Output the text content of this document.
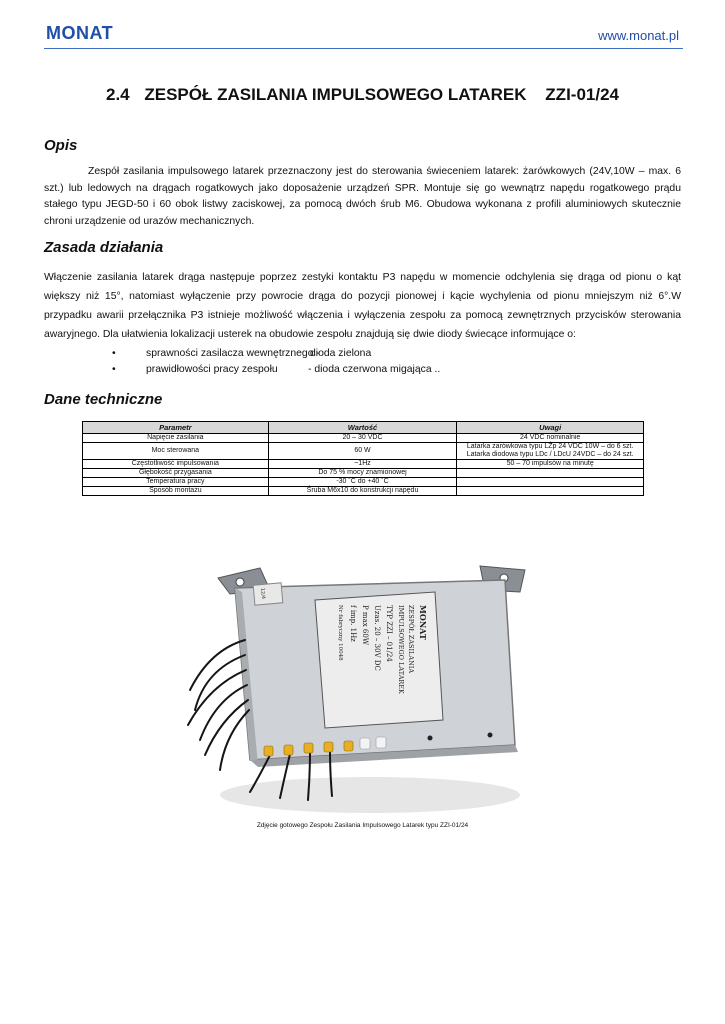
MONAT	www.monat.pl
2.4 ZESPÓŁ ZASILANIA IMPULSOWEGO LATAREK ZZI-01/24
Opis
Zespół zasilania impulsowego latarek przeznaczony jest do sterowania świeceniem latarek: żarówkowych (24V,10W – max. 6 szt.) lub ledowych na drągach rogatkowych jako doposażenie urządzeń SPR. Montuje się go wewnątrz napędu rogatkowego prądu stałego typu JEGD-50 i 60 obok listwy zaciskowej, za pomocą dwóch śrub M6. Obudowa wykonana z profili aluminiowych skutecznie chroni urządzenie od urazów mechanicznych.
Zasada działania
Włączenie zasilania latarek drąga następuje poprzez zestyki kontaktu P3 napędu w momencie odchylenia się drąga od pionu o kąt większy niż 15°, natomiast wyłączenie przy powrocie drąga do pozycji pionowej i kącie wychylenia od pionu mniejszym niż 6°.W przypadku awarii przełącznika P3 istnieje możliwość włączenia i wyłączenia zespołu za pomocą zewnętrznych przycisków sterowania awaryjnego. Dla ułatwienia lokalizacji usterek na obudowie zespołu znajdują się dwie diody świecące informujące o:
•	sprawności zasilacza wewnętrznego -
dioda zielona
•	prawidłowości pracy zespołu	- dioda czerwona migająca ..
Dane techniczne
Parametr	Wartość	Uwagi
Napięcie zasilania	20 – 30 VDC	24 VDC nominalnie
Moc sterowana	60 W	Latarka żarówkowa typu LŻp 24 VDC 10W – do 6 szt.
Latarka diodowa typu LDc / LDcU 24VDC – do 24 szt.
Częstotliwość impulsowania	~1Hz	50 – 70 impulsów na minutę
Głębokość przygasania	Do 75 % mocy znamionowej	
Temperatura pracy	-30 ˚C do +40 ˚C	
Sposób montażu	Śruba M6x10 do konstrukcji napędu	
MONAT
ZESPÓŁ ZASILANIA
IMPULSOWEGO LATAREK
TYP ZZI – 01/24
Uzas. 20 – 30V DC
P max 60W
f imp. 1Hz
Nr fabryczny 10048
12/4
Zdjęcie gotowego Zespołu Zasilania Impulsowego Latarek typu ZZI-01/24
